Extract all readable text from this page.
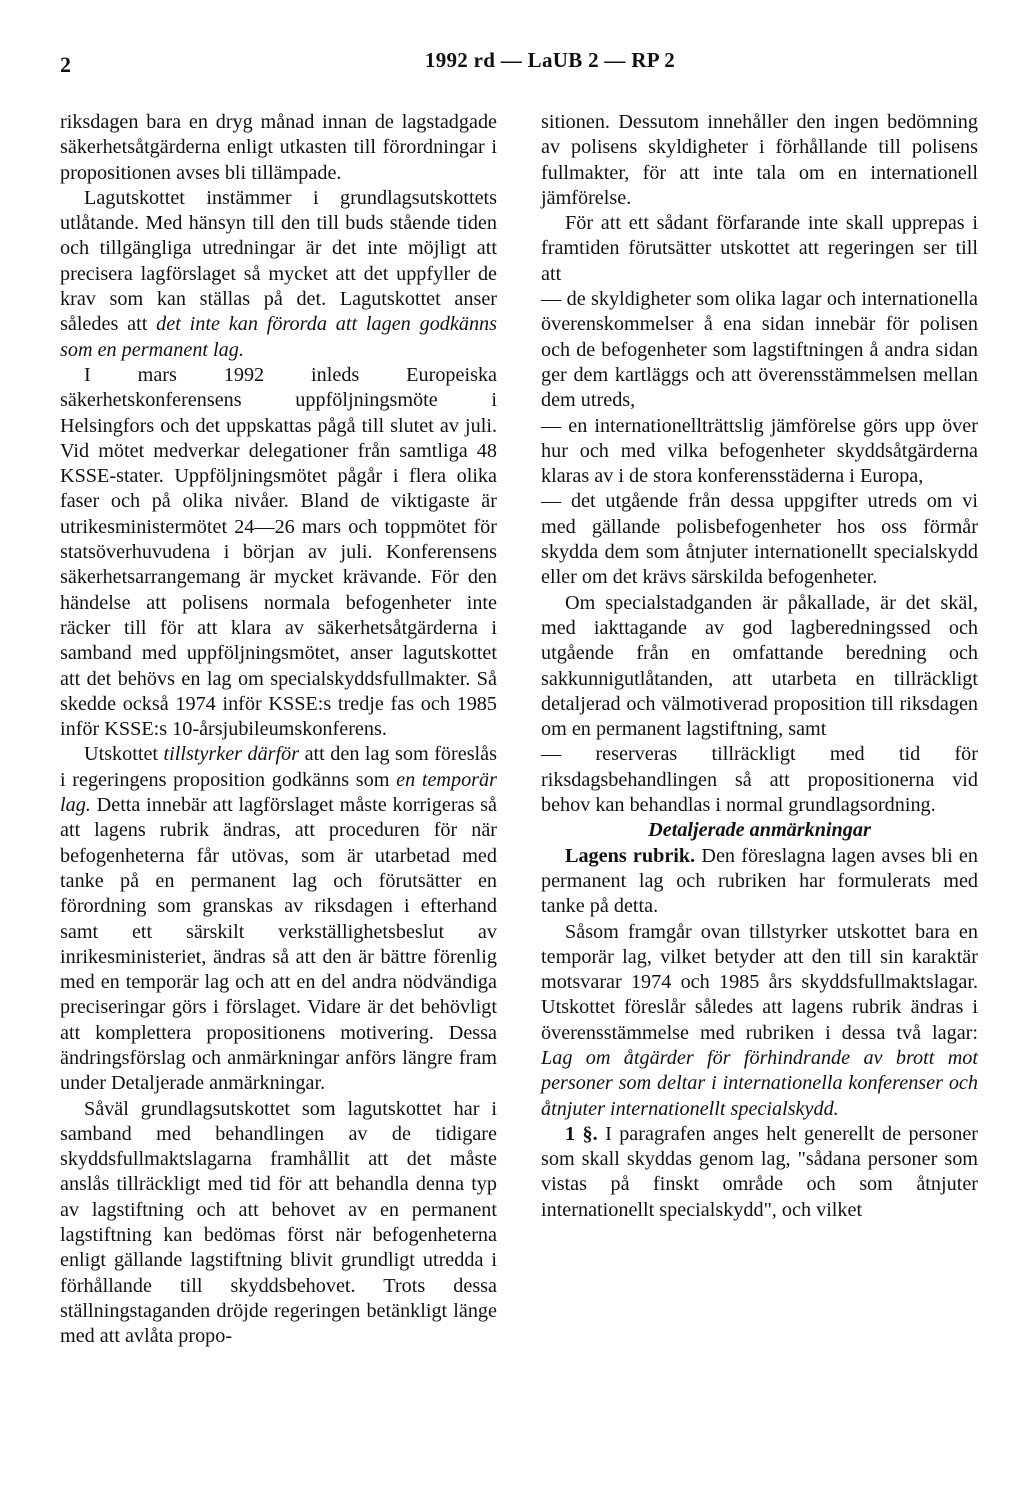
2	1992 rd — LaUB 2 — RP 2

riksdagen bara en dryg månad innan de lagstadgade säkerhetsåtgärderna enligt utkasten till förordningar i propositionen avses bli tillämpade.

Lagutskottet instämmer i grundlagsutskottets utlåtande. Med hänsyn till den till buds stående tiden och tillgängliga utredningar är det inte möjligt att precisera lagförslaget så mycket att det uppfyller de krav som kan ställas på det. Lagutskottet anser således att det inte kan förorda att lagen godkänns som en permanent lag.

I mars 1992 inleds Europeiska säkerhetskonferensens uppföljningsmöte i Helsingfors och det uppskattas pågå till slutet av juli. Vid mötet medverkar delegationer från samtliga 48 KSSE-stater. Uppföljningsmötet pågår i flera olika faser och på olika nivåer. Bland de viktigaste är utrikesministermötet 24—26 mars och toppmötet för statsöverhuvudena i början av juli. Konferensens säkerhetsarrangemang är mycket krävande. För den händelse att polisens normala befogenheter inte räcker till för att klara av säkerhetsåtgärderna i samband med uppföljningsmötet, anser lagutskottet att det behövs en lag om specialskyddsfullmakter. Så skedde också 1974 inför KSSE:s tredje fas och 1985 inför KSSE:s 10-årsjubileumskonferens.

Utskottet tillstyrker därför att den lag som föreslås i regeringens proposition godkänns som en temporär lag. Detta innebär att lagförslaget måste korrigeras så att lagens rubrik ändras, att proceduren för när befogenheterna får utövas, som är utarbetad med tanke på en permanent lag och förutsätter en förordning som granskas av riksdagen i efterhand samt ett särskilt verkställighetsbeslut av inrikesministeriet, ändras så att den är bättre förenlig med en temporär lag och att en del andra nödvändiga preciseringar görs i förslaget. Vidare är det behövligt att komplettera propositionens motivering. Dessa ändringsförslag och anmärkningar anförs längre fram under Detaljerade anmärkningar.

Såväl grundlagsutskottet som lagutskottet har i samband med behandlingen av de tidigare skyddsfullmaktslagarna framhållit att det måste anslås tillräckligt med tid för att behandla denna typ av lagstiftning och att behovet av en permanent lagstiftning kan bedömas först när befogenheterna enligt gällande lagstiftning blivit grundligt utredda i förhållande till skyddsbehovet. Trots dessa ställningstaganden dröjde regeringen betänkligt länge med att avlåta propo-

sitionen. Dessutom innehåller den ingen bedömning av polisens skyldigheter i förhållande till polisens fullmakter, för att inte tala om en internationell jämförelse.

För att ett sådant förfarande inte skall upprepas i framtiden förutsätter utskottet att regeringen ser till att

— de skyldigheter som olika lagar och internationella överenskommelser å ena sidan innebär för polisen och de befogenheter som lagstiftningen å andra sidan ger dem kartläggs och att överensstämmelsen mellan dem utreds,

— en internationellträttslig jämförelse görs upp över hur och med vilka befogenheter skyddsåtgärderna klaras av i de stora konferensstäderna i Europa,

— det utgående från dessa uppgifter utreds om vi med gällande polisbefogenheter hos oss förmår skydda dem som åtnjuter internationellt specialskydd eller om det krävs särskilda befogenheter.

Om specialstadganden är påkallade, är det skäl, med iakttagande av god lagberedningssed och utgående från en omfattande beredning och sakkunnigutlåtanden, att utarbeta en tillräckligt detaljerad och välmotiverad proposition till riksdagen om en permanent lagstiftning, samt

— reserveras tillräckligt med tid för riksdagsbehandlingen så att propositionerna vid behov kan behandlas i normal grundlagsordning.

Detaljerade anmärkningar

Lagens rubrik. Den föreslagna lagen avses bli en permanent lag och rubriken har formulerats med tanke på detta.

Såsom framgår ovan tillstyrker utskottet bara en temporär lag, vilket betyder att den till sin karaktär motsvarar 1974 och 1985 års skyddsfullmaktslagar. Utskottet föreslår således att lagens rubrik ändras i överensstämmelse med rubriken i dessa två lagar: Lag om åtgärder för förhindrande av brott mot personer som deltar i internationella konferenser och åtnjuter internationellt specialskydd.

1 §. I paragrafen anges helt generellt de personer som skall skyddas genom lag, "sådana personer som vistas på finskt område och som åtnjuter internationellt specialskydd", och vilket
